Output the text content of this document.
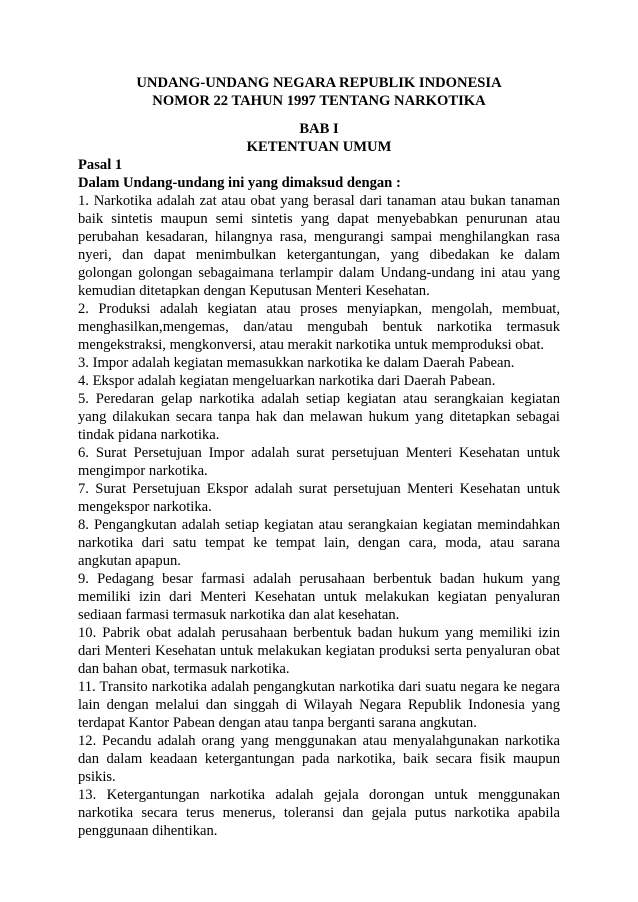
UNDANG-UNDANG NEGARA REPUBLIK INDONESIA

NOMOR 22 TAHUN 1997 TENTANG NARKOTIKA

BAB I

KETENTUAN UMUM

Pasal 1

Dalam Undang-undang ini yang dimaksud dengan :

1. Narkotika adalah zat atau obat yang berasal dari tanaman atau bukan tanaman baik sintetis maupun semi sintetis yang dapat menyebabkan penurunan atau perubahan kesadaran, hilangnya rasa, mengurangi sampai menghilangkan rasa nyeri, dan dapat menimbulkan ketergantungan, yang dibedakan ke dalam golongan golongan sebagaimana terlampir dalam Undang-undang ini atau yang kemudian ditetapkan dengan Keputusan Menteri Kesehatan.

2. Produksi adalah kegiatan atau proses menyiapkan, mengolah, membuat, menghasilkan,mengemas, dan/atau mengubah bentuk narkotika termasuk mengekstraksi, mengkonversi, atau merakit narkotika untuk memproduksi obat.

3. Impor adalah kegiatan memasukkan narkotika ke dalam Daerah Pabean.

4. Ekspor adalah kegiatan mengeluarkan narkotika dari Daerah Pabean.

5. Peredaran gelap narkotika adalah setiap kegiatan atau serangkaian kegiatan yang dilakukan secara tanpa hak dan melawan hukum yang ditetapkan sebagai tindak pidana narkotika.

6. Surat Persetujuan Impor adalah surat persetujuan Menteri Kesehatan untuk mengimpor narkotika.

7. Surat Persetujuan Ekspor adalah surat persetujuan Menteri Kesehatan untuk mengekspor narkotika.

8. Pengangkutan adalah setiap kegiatan atau serangkaian kegiatan memindahkan narkotika dari satu tempat ke tempat lain, dengan cara, moda, atau sarana angkutan apapun.

9. Pedagang besar farmasi adalah perusahaan berbentuk badan hukum yang memiliki izin dari Menteri Kesehatan untuk melakukan kegiatan penyaluran sediaan farmasi termasuk narkotika dan alat kesehatan.

10. Pabrik obat adalah perusahaan berbentuk badan hukum yang memiliki izin dari Menteri Kesehatan untuk melakukan kegiatan produksi serta penyaluran obat dan bahan obat, termasuk narkotika.

11. Transito narkotika adalah pengangkutan narkotika dari suatu negara ke negara lain dengan melalui dan singgah di Wilayah Negara Republik Indonesia yang terdapat Kantor Pabean dengan atau tanpa berganti sarana angkutan.

12. Pecandu adalah orang yang menggunakan atau menyalahgunakan narkotika dan dalam keadaan ketergantungan pada narkotika, baik secara fisik maupun psikis.

13. Ketergantungan narkotika adalah gejala dorongan untuk menggunakan narkotika secara terus menerus, toleransi dan gejala putus narkotika apabila penggunaan dihentikan.
